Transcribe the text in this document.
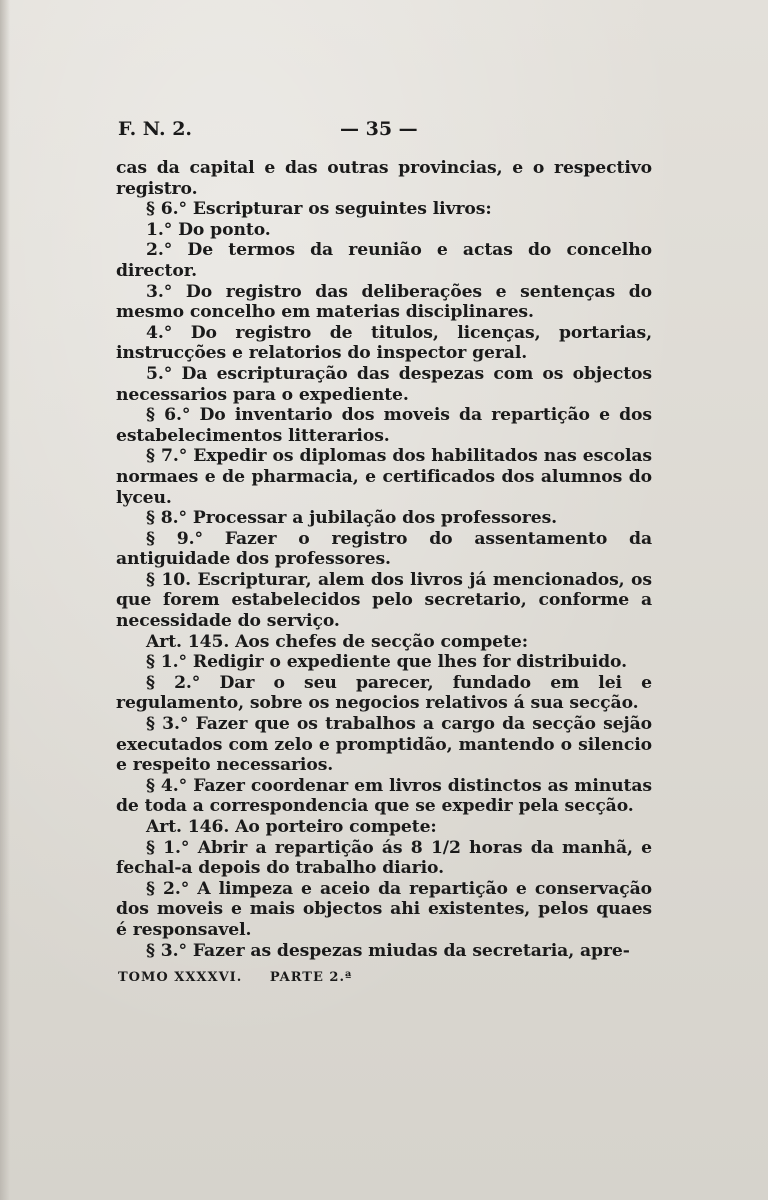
F. N. 2.	— 35 —

cas da capital e das outras provincias, e o respectivo registro.

§ 6.° Escripturar os seguintes livros:

1.° Do ponto.

2.° De termos da reunião e actas do concelho director.

3.° Do registro das deliberações e sentenças do mesmo concelho em materias disciplinares.

4.° Do registro de titulos, licenças, portarias, instrucções e relatorios do inspector geral.

5.° Da escripturação das despezas com os objectos necessarios para o expediente.

§ 6.° Do inventario dos moveis da repartição e dos estabelecimentos litterarios.

§ 7.° Expedir os diplomas dos habilitados nas escolas normaes e de pharmacia, e certificados dos alumnos do lyceu.

§ 8.° Processar a jubilação dos professores.

§ 9.° Fazer o registro do assentamento da antiguidade dos professores.

§ 10. Escripturar, alem dos livros já mencionados, os que forem estabelecidos pelo secretario, conforme a necessidade do serviço.

Art. 145. Aos chefes de secção compete:

§ 1.° Redigir o expediente que lhes for distribuido.

§ 2.° Dar o seu parecer, fundado em lei e regulamento, sobre os negocios relativos á sua secção.

§ 3.° Fazer que os trabalhos a cargo da secção sejão executados com zelo e promptidão, mantendo o silencio e respeito necessarios.

§ 4.° Fazer coordenar em livros distinctos as minutas de toda a correspondencia que se expedir pela secção.

Art. 146. Ao porteiro compete:

§ 1.° Abrir a repartição ás 8 1/2 horas da manhã, e fechal-a depois do trabalho diario.

§ 2.° A limpeza e aceio da repartição e conservação dos moveis e mais objectos ahi existentes, pelos quaes é responsavel.

§ 3.° Fazer as despezas miudas da secretaria, apre-

TOMO XXXXVI. PARTE 2.ª
